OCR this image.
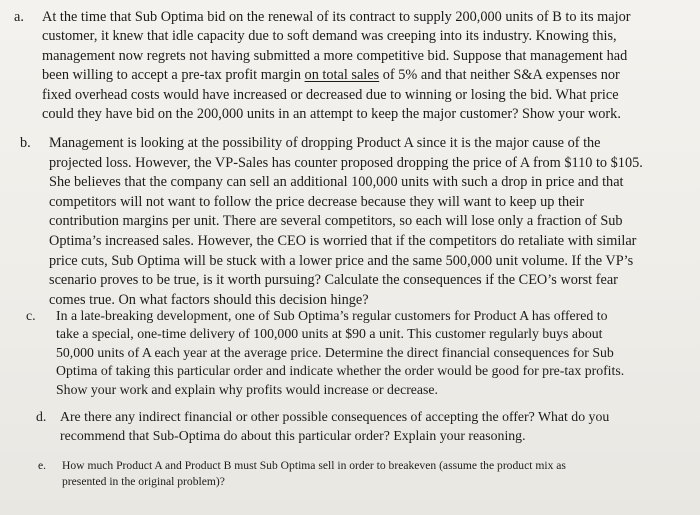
a.	At the time that Sub Optima bid on the renewal of its contract to supply 200,000 units of B to its major
customer, it knew that idle capacity due to soft demand was creeping into its industry. Knowing this,
management now regrets not having submitted a more competitive bid. Suppose that management had
been willing to accept a pre-tax profit margin on total sales of 5% and that neither S&A expenses nor
fixed overhead costs would have increased or decreased due to winning or losing the bid. What price
could they have bid on the 200,000 units in an attempt to keep the major customer? Show your work.
b.	Management is looking at the possibility of dropping Product A since it is the major cause of the
projected loss. However, the VP-Sales has counter proposed dropping the price of A from $110 to $105.
She believes that the company can sell an additional 100,000 units with such a drop in price and that
competitors will not want to follow the price decrease because they will want to keep up their
contribution margins per unit. There are several competitors, so each will lose only a fraction of Sub
Optima’s increased sales. However, the CEO is worried that if the competitors do retaliate with similar
price cuts, Sub Optima will be stuck with a lower price and the same 500,000 unit volume. If the VP’s
scenario proves to be true, is it worth pursuing? Calculate the consequences if the CEO’s worst fear
comes true. On what factors should this decision hinge?
c.	In a late-breaking development, one of Sub Optima’s regular customers for Product A has offered to
take a special, one-time delivery of 100,000 units at $90 a unit. This customer regularly buys about
50,000 units of A each year at the average price. Determine the direct financial consequences for Sub
Optima of taking this particular order and indicate whether the order would be good for pre-tax profits.
Show your work and explain why profits would increase or decrease.
d. Are there any indirect financial or other possible consequences of accepting the offer? What do you
recommend that Sub-Optima do about this particular order? Explain your reasoning.
e.	How much Product A and Product B must Sub Optima sell in order to breakeven (assume the product mix as
presented in the original problem)?
